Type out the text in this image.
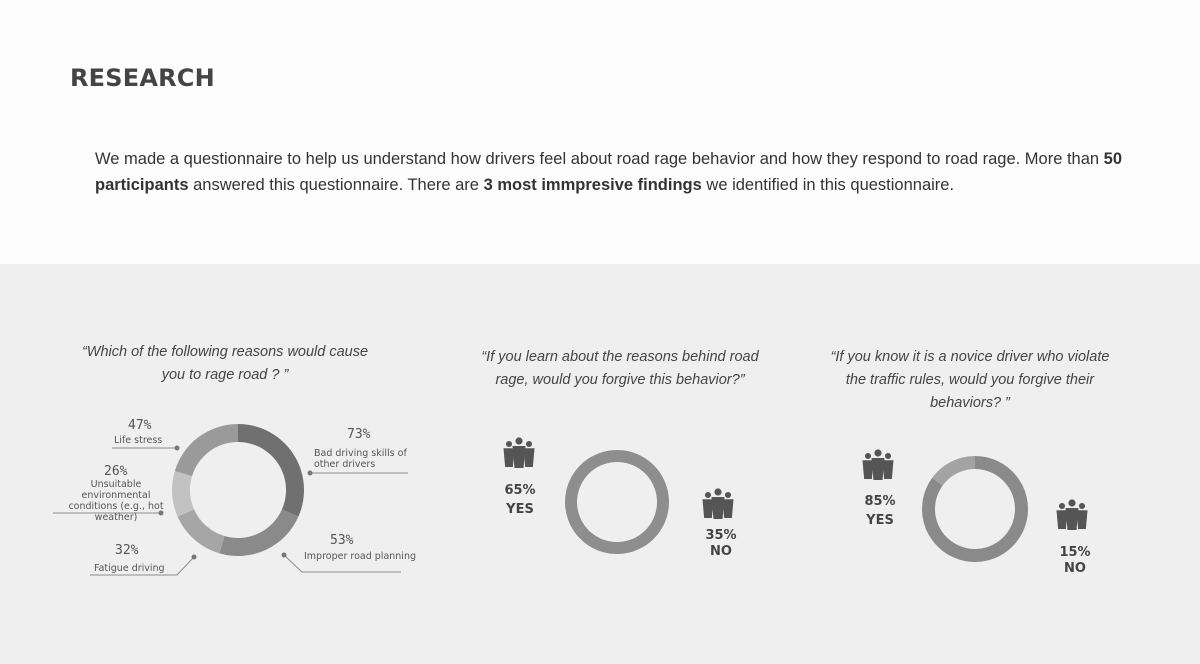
RESEARCH
We made a questionnaire to help us understand how drivers feel about road rage behavior and how they respond to road rage. More than 50 participants answered this questionnaire. There are 3 most immpresive findings we identified in this questionnaire.
“Which of the following reasons would cause you to rage road ? ”
47%
Life stress
26%
Unsuitable environmental conditions (e.g., hot weather)
73%
Bad driving skills of other drivers
53%
Improper road planning
32%
Fatigue driving
“If you learn about the reasons behind road rage, would you forgive this behavior?”
65%
YES
35%
NO
“If you know it is a novice driver who violate the traffic rules, would you forgive their behaviors? ”
85%
YES
15%
NO
